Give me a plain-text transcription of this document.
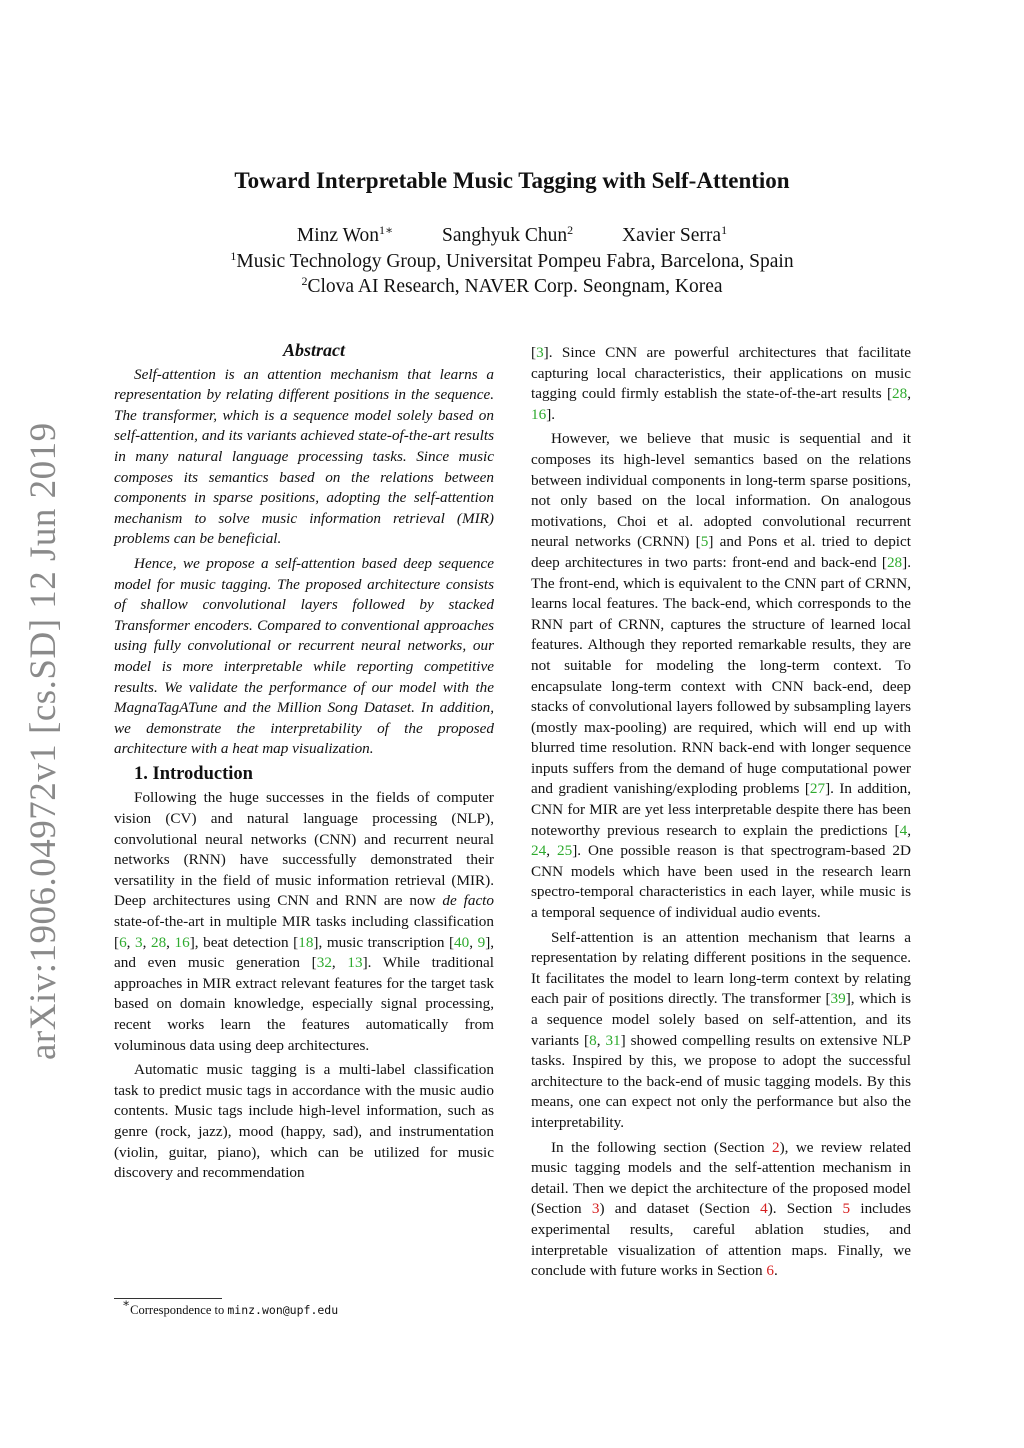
arXiv:1906.04972v1 [cs.SD] 12 Jun 2019
Toward Interpretable Music Tagging with Self-Attention
Minz Won$^{1∗}$	Sanghyuk Chun$^2$	Xavier Serra$^1$
$^1$Music Technology Group, Universitat Pompeu Fabra, Barcelona, Spain
$^2$Clova AI Research, NAVER Corp. Seongnam, Korea

Abstract

Self-attention is an attention mechanism that learns a representation by relating different positions in the sequence. The transformer, which is a sequence model solely based on self-attention, and its variants achieved state-of-the-art results in many natural language processing tasks. Since music composes its semantics based on the relations between components in sparse positions, adopting the self-attention mechanism to solve music information retrieval (MIR) problems can be beneficial.

Hence, we propose a self-attention based deep sequence model for music tagging. The proposed architecture consists of shallow convolutional layers followed by stacked Transformer encoders. Compared to conventional approaches using fully convolutional or recurrent neural networks, our model is more interpretable while reporting competitive results. We validate the performance of our model with the MagnaTagATune and the Million Song Dataset. In addition, we demonstrate the interpretability of the proposed architecture with a heat map visualization.

1. Introduction

Following the huge successes in the fields of computer vision (CV) and natural language processing (NLP), convolutional neural networks (CNN) and recurrent neural networks (RNN) have successfully demonstrated their versatility in the field of music information retrieval (MIR). Deep architectures using CNN and RNN are now de facto state-of-the-art in multiple MIR tasks including classification [6, 3, 28, 16], beat detection [18], music transcription [40, 9], and even music generation [32, 13]. While traditional approaches in MIR extract relevant features for the target task based on domain knowledge, especially signal processing, recent works learn the features automatically from voluminous data using deep architectures.

Automatic music tagging is a multi-label classification task to predict music tags in accordance with the music audio contents. Music tags include high-level information, such as genre (rock, jazz), mood (happy, sad), and instrumentation (violin, guitar, piano), which can be utilized for music discovery and recommendation

[3]. Since CNN are powerful architectures that facilitate capturing local characteristics, their applications on music tagging could firmly establish the state-of-the-art results [28, 16].

However, we believe that music is sequential and it composes its high-level semantics based on the relations between individual components in long-term sparse positions, not only based on the local information. On analogous motivations, Choi et al. adopted convolutional recurrent neural networks (CRNN) [5] and Pons et al. tried to depict deep architectures in two parts: front-end and back-end [28]. The front-end, which is equivalent to the CNN part of CRNN, learns local features. The back-end, which corresponds to the RNN part of CRNN, captures the structure of learned local features. Although they reported remarkable results, they are not suitable for modeling the long-term context. To encapsulate long-term context with CNN back-end, deep stacks of convolutional layers followed by subsampling layers (mostly max-pooling) are required, which will end up with blurred time resolution. RNN back-end with longer sequence inputs suffers from the demand of huge computational power and gradient vanishing/exploding problems [27]. In addition, CNN for MIR are yet less interpretable despite there has been noteworthy previous research to explain the predictions [4, 24, 25]. One possible reason is that spectrogram-based 2D CNN models which have been used in the research learn spectro-temporal characteristics in each layer, while music is a temporal sequence of individual audio events.

Self-attention is an attention mechanism that learns a representation by relating different positions in the sequence. It facilitates the model to learn long-term context by relating each pair of positions directly. The transformer [39], which is a sequence model solely based on self-attention, and its variants [8, 31] showed compelling results on extensive NLP tasks. Inspired by this, we propose to adopt the successful architecture to the back-end of music tagging models. By this means, one can expect not only the performance but also the interpretability.

In the following section (Section 2), we review related music tagging models and the self-attention mechanism in detail. Then we depict the architecture of the proposed model (Section 3) and dataset (Section 4). Section 5 includes experimental results, careful ablation studies, and interpretable visualization of attention maps. Finally, we conclude with future works in Section 6.

∗Correspondence to minz.won@upf.edu
